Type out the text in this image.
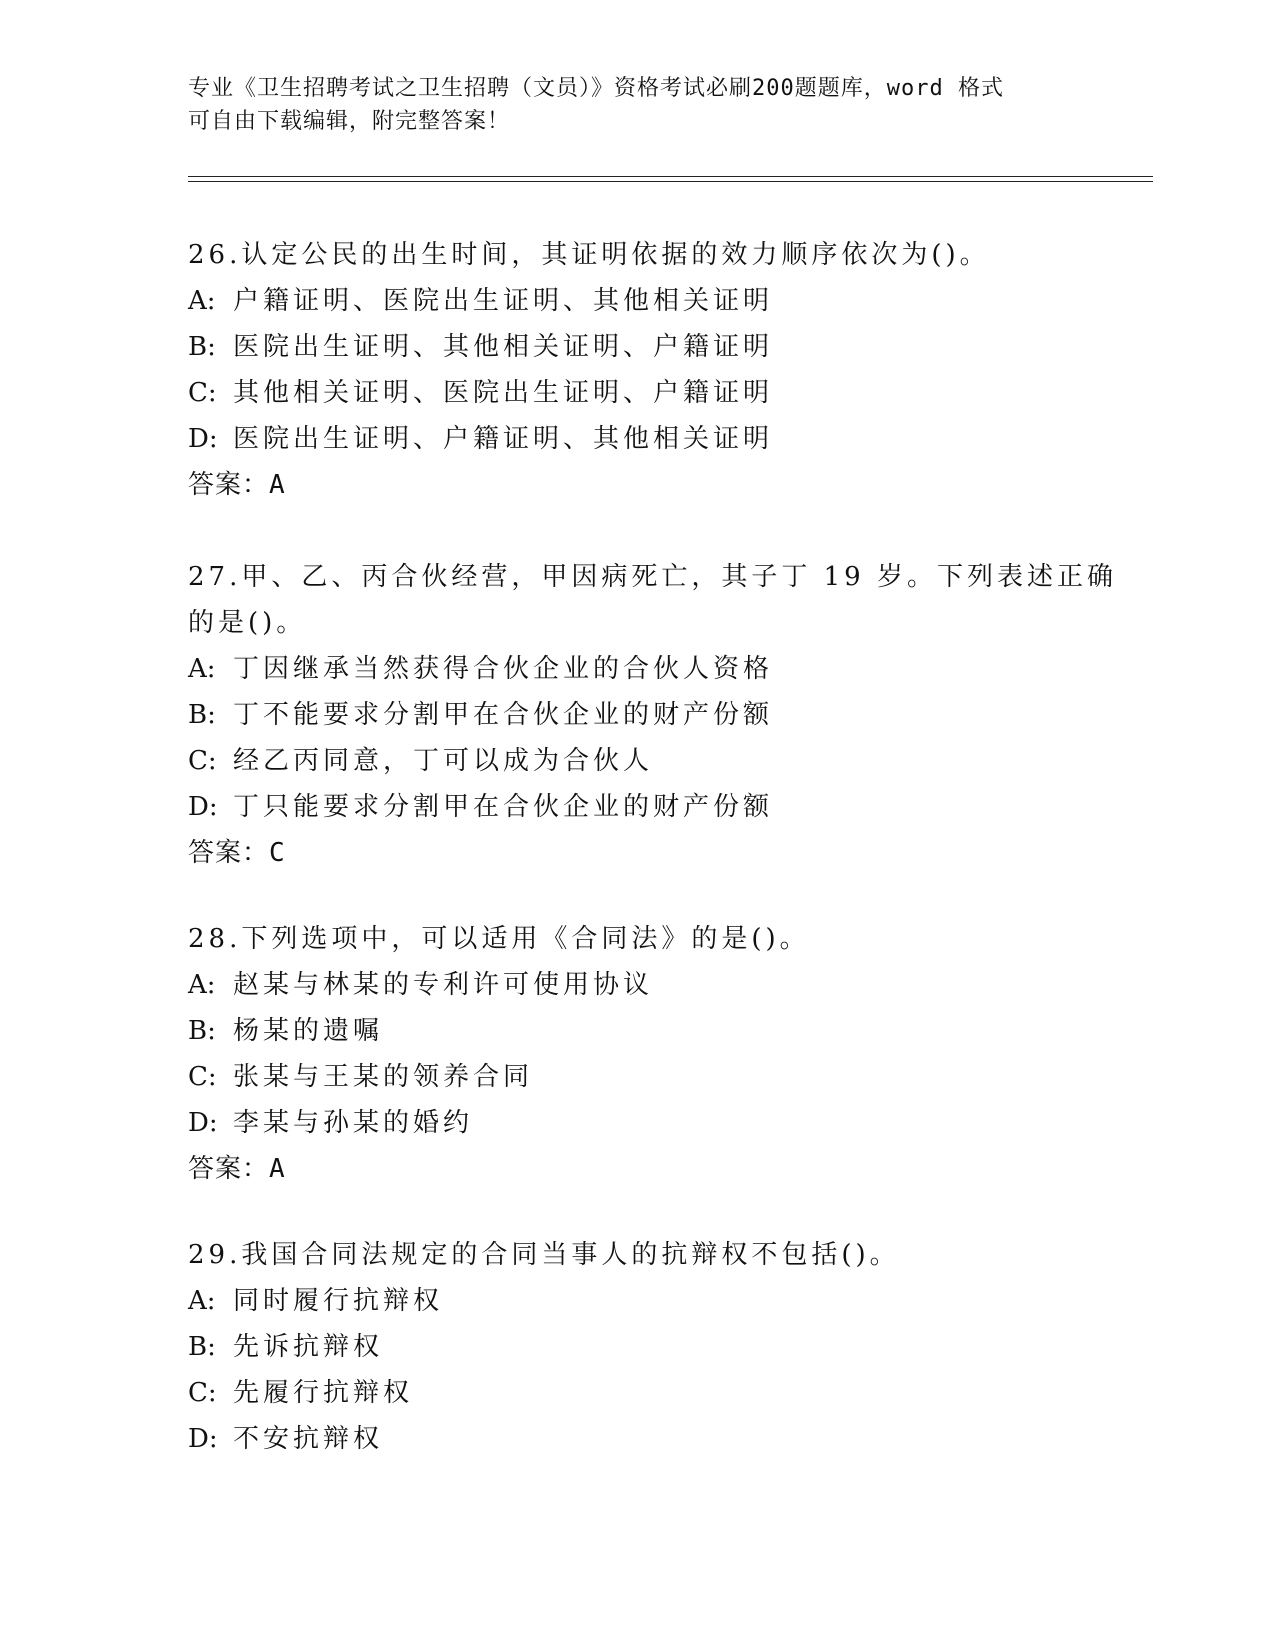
专业《卫生招聘考试之卫生招聘（文员）》资格考试必刷200题题库，word 格式
可自由下载编辑，附完整答案！
26.认定公民的出生时间，其证明依据的效力顺序依次为()。
A: 户籍证明、医院出生证明、其他相关证明
B: 医院出生证明、其他相关证明、户籍证明
C: 其他相关证明、医院出生证明、户籍证明
D: 医院出生证明、户籍证明、其他相关证明
答案：A
27.甲、乙、丙合伙经营，甲因病死亡，其子丁 19 岁。下列表述正确
的是()。
A: 丁因继承当然获得合伙企业的合伙人资格
B: 丁不能要求分割甲在合伙企业的财产份额
C: 经乙丙同意，丁可以成为合伙人
D: 丁只能要求分割甲在合伙企业的财产份额
答案：C
28.下列选项中，可以适用《合同法》的是()。
A: 赵某与林某的专利许可使用协议
B: 杨某的遗嘱
C: 张某与王某的领养合同
D: 李某与孙某的婚约
答案：A
29.我国合同法规定的合同当事人的抗辩权不包括()。
A: 同时履行抗辩权
B: 先诉抗辩权
C: 先履行抗辩权
D: 不安抗辩权
